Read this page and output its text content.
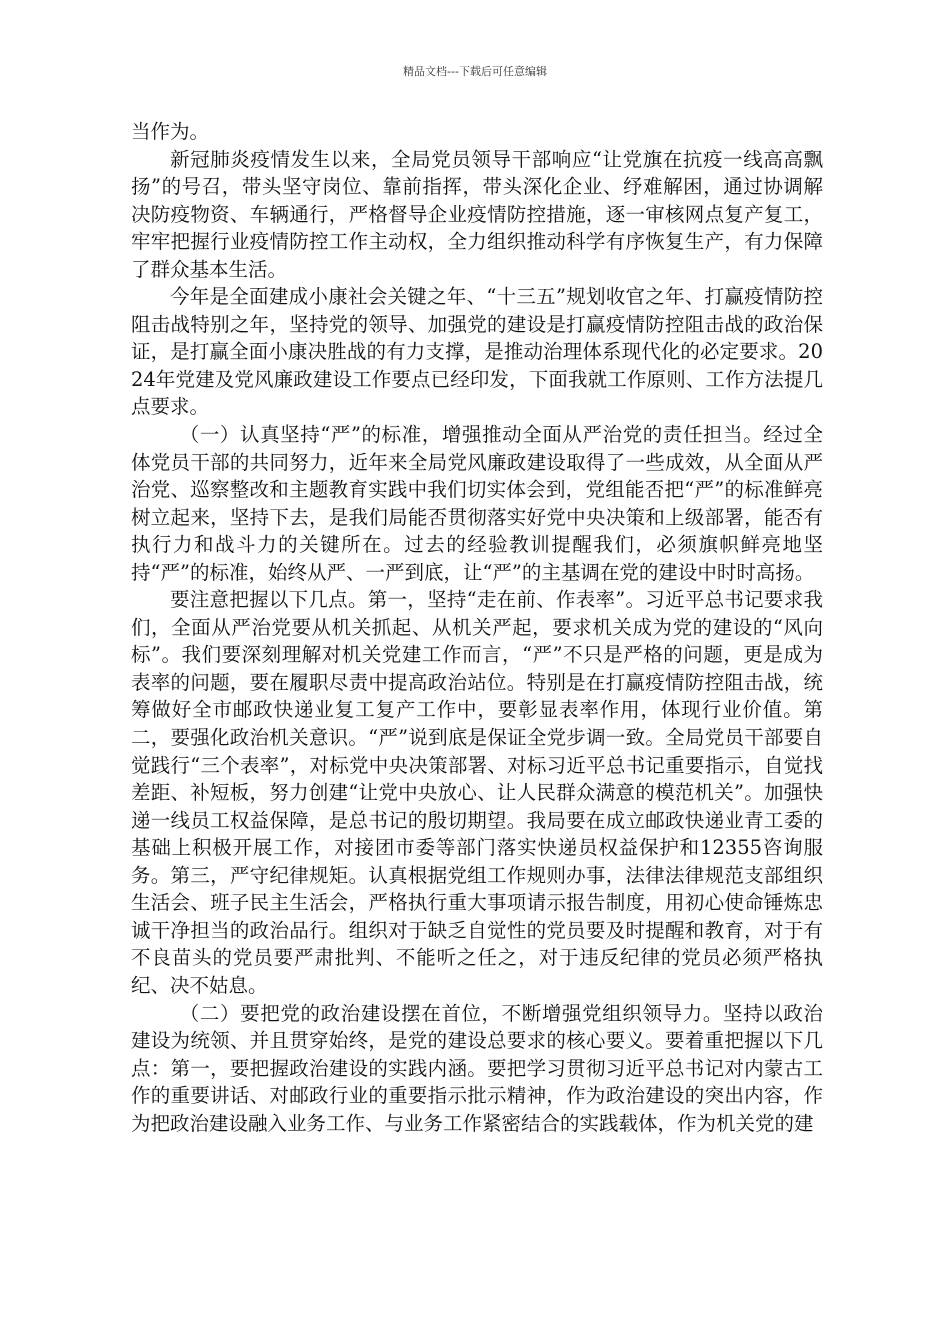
精品文档---下载后可任意编辑

当作为。

新冠肺炎疫情发生以来，全局党员领导干部响应“让党旗在抗疫一线高高飘扬”的号召，带头坚守岗位、靠前指挥，带头深化企业、纾难解困，通过协调解决防疫物资、车辆通行，严格督导企业疫情防控措施，逐一审核网点复产复工，牢牢把握行业疫情防控工作主动权，全力组织推动科学有序恢复生产，有力保障了群众基本生活。

今年是全面建成小康社会关键之年、“十三五”规划收官之年、打赢疫情防控阻击战特别之年，坚持党的领导、加强党的建设是打赢疫情防控阻击战的政治保证，是打赢全面小康决胜战的有力支撑，是推动治理体系现代化的必定要求。2024年党建及党风廉政建设工作要点已经印发，下面我就工作原则、工作方法提几点要求。

（一）认真坚持“严”的标准，增强推动全面从严治党的责任担当。经过全体党员干部的共同努力，近年来全局党风廉政建设取得了一些成效，从全面从严治党、巡察整改和主题教育实践中我们切实体会到，党组能否把“严”的标准鲜亮树立起来，坚持下去，是我们局能否贯彻落实好党中央决策和上级部署，能否有执行力和战斗力的关键所在。过去的经验教训提醒我们，必须旗帜鲜亮地坚持“严”的标准，始终从严、一严到底，让“严”的主基调在党的建设中时时高扬。

要注意把握以下几点。第一，坚持“走在前、作表率”。习近平总书记要求我们，全面从严治党要从机关抓起、从机关严起，要求机关成为党的建设的“风向标”。我们要深刻理解对机关党建工作而言，“严”不只是严格的问题，更是成为表率的问题，要在履职尽责中提高政治站位。特别是在打赢疫情防控阻击战，统筹做好全市邮政快递业复工复产工作中，要彰显表率作用，体现行业价值。第二，要强化政治机关意识。“严”说到底是保证全党步调一致。全局党员干部要自觉践行“三个表率”，对标党中央决策部署、对标习近平总书记重要指示，自觉找差距、补短板，努力创建“让党中央放心、让人民群众满意的模范机关”。加强快递一线员工权益保障，是总书记的殷切期望。我局要在成立邮政快递业青工委的基础上积极开展工作，对接团市委等部门落实快递员权益保护和12355咨询服务。第三，严守纪律规矩。认真根据党组工作规则办事，法律法律规范支部组织生活会、班子民主生活会，严格执行重大事项请示报告制度，用初心使命锤炼忠诚干净担当的政治品行。组织对于缺乏自觉性的党员要及时提醒和教育，对于有不良苗头的党员要严肃批判、不能听之任之，对于违反纪律的党员必须严格执纪、决不姑息。

（二）要把党的政治建设摆在首位，不断增强党组织领导力。坚持以政治建设为统领、并且贯穿始终，是党的建设总要求的核心要义。要着重把握以下几点：第一，要把握政治建设的实践内涵。要把学习贯彻习近平总书记对内蒙古工作的重要讲话、对邮政行业的重要指示批示精神，作为政治建设的突出内容，作为把政治建设融入业务工作、与业务工作紧密结合的实践载体，作为机关党的建
